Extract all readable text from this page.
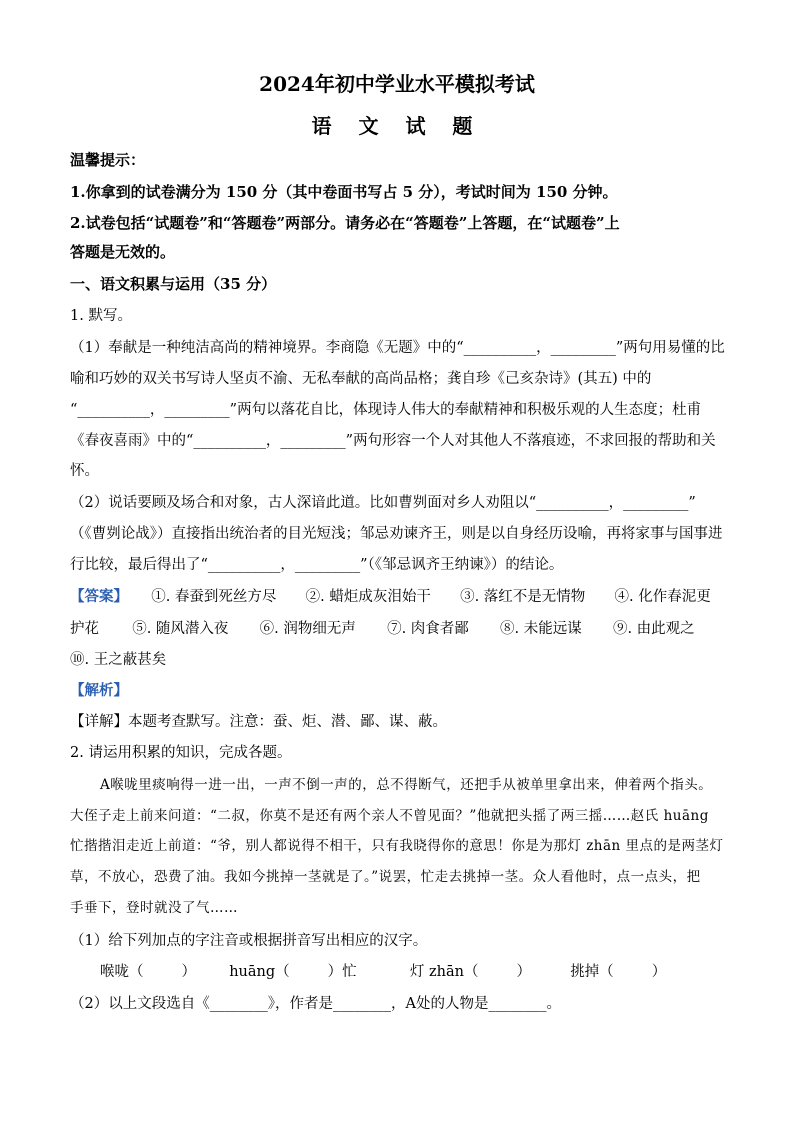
2024年初中学业水平模拟考试
语 文 试 题
温馨提示：
1.你拿到的试卷满分为 150 分（其中卷面书写占 5 分），考试时间为 150 分钟。
2.试卷包括“试题卷”和“答题卷”两部分。请务必在“答题卷”上答题，在“试题卷”上
答题是无效的。
一、语文积累与运用（35 分）
1. 默写。
（1）奉献是一种纯洁高尚的精神境界。李商隐《无题》中的“__________，_________”两句用易懂的比
喻和巧妙的双关书写诗人坚贞不渝、无私奉献的高尚品格；龚自珍《己亥杂诗》(其五) 中的
“__________，_________”两句以落花自比，体现诗人伟大的奉献精神和积极乐观的人生态度；杜甫
《春夜喜雨》中的“__________，_________”两句形容一个人对其他人不落痕迹，不求回报的帮助和关
怀。
（2）说话要顾及场合和对象，古人深谙此道。比如曹刿面对乡人劝阻以“__________，_________”
（《曹刿论战》）直接指出统治者的目光短浅；邹忌劝谏齐王，则是以自身经历设喻，再将家事与国事进
行比较，最后得出了“__________，_________”（《邹忌讽齐王纳谏》）的结论。
【答案】 ①. 春蚕到死丝方尽 ②. 蜡炬成灰泪始干 ③. 落红不是无情物 ④. 化作春泥更
护花 ⑤. 随风潜入夜 ⑥. 润物细无声 ⑦. 肉食者鄙 ⑧. 未能远谋 ⑨. 由此观之
⑩. 王之蔽甚矣
【解析】
【详解】本题考查默写。注意：蚕、炬、潜、鄙、谋、蔽。
2. 请运用积累的知识，完成各题。
A喉咙里痰响得一进一出，一声不倒一声的，总不得断气，还把手从被单里拿出来，伸着两个指头。
大侄子走上前来问道：“二叔，你莫不是还有两个亲人不曾见面？”他就把头摇了两三摇……赵氏 huāng
忙揩揩泪走近上前道：“爷，别人都说得不相干，只有我晓得你的意思！你是为那灯 zhān 里点的是两茎灯
草，不放心，恐费了油。我如今挑掉一茎就是了。”说罢，忙走去挑掉一茎。众人看他时，点一点头，把
手垂下，登时就没了气……
（1）给下列加点的字注音或根据拼音写出相应的汉字。
喉咙（	） huāng（	）忙	灯 zhān（	）	挑掉（	）
（2）以上文段选自《________》，作者是________，A处的人物是________。
